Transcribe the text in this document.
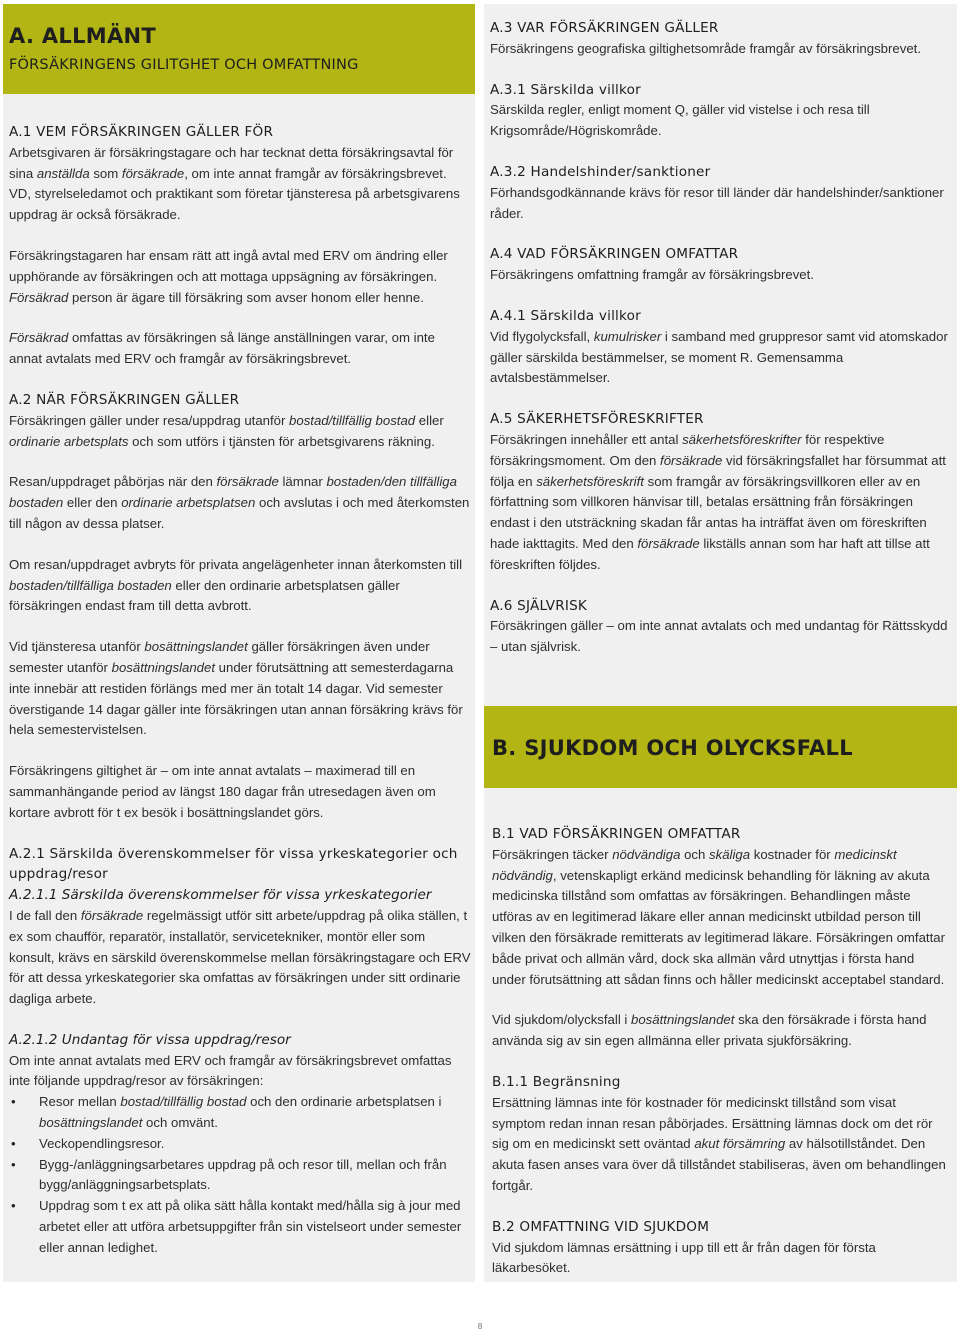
A. ALLMÄNT
FÖRSÄKRINGENS GILITGHET OCH OMFATTNING
A.1 VEM FÖRSÄKRINGEN GÄLLER FÖR

Arbetsgivaren är försäkringstagare och har tecknat detta försäkringsavtal för sina anställda som försäkrade, om inte annat framgår av försäkringsbrevet. VD, styrelseledamot och praktikant som företar tjänsteresa på arbetsgivarens uppdrag är också försäkrade.

Försäkringstagaren har ensam rätt att ingå avtal med ERV om ändring eller upphörande av försäkringen och att mottaga uppsägning av försäkringen. Försäkrad person är ägare till försäkring som avser honom eller henne.

Försäkrad omfattas av försäkringen så länge anställningen varar, om inte annat avtalats med ERV och framgår av försäkringsbrevet.

A.2 NÄR FÖRSÄKRINGEN GÄLLER

Försäkringen gäller under resa/uppdrag utanför bostad/tillfällig bostad eller ordinarie arbetsplats och som utförs i tjänsten för arbetsgivarens räkning.

Resan/uppdraget påbörjas när den försäkrade lämnar bostaden/den tillfälliga bostaden eller den ordinarie arbetsplatsen och avslutas i och med återkomsten till någon av dessa platser.

Om resan/uppdraget avbryts för privata angelägenheter innan återkomsten till bostaden/tillfälliga bostaden eller den ordinarie arbetsplatsen gäller försäkringen endast fram till detta avbrott.

Vid tjänsteresa utanför bosättningslandet gäller försäkringen även under semester utanför bosättningslandet under förutsättning att semesterdagarna inte innebär att restiden förlängs med mer än totalt 14 dagar. Vid semester överstigande 14 dagar gäller inte försäkringen utan annan försäkring krävs för hela semestervistelsen.

Försäkringens giltighet är – om inte annat avtalats – maximerad till en sammanhängande period av längst 180 dagar från utresedagen även om kortare avbrott för t ex besök i bosättningslandet görs.

A.2.1 Särskilda överenskommelser för vissa yrkeskategorier och uppdrag/resor
A.2.1.1 Särskilda överenskommelser för vissa yrkeskategorier

I de fall den försäkrade regelmässigt utför sitt arbete/uppdrag på olika ställen, t ex som chaufför, reparatör, installatör, servicetekniker, montör eller som konsult, krävs en särskild överenskommelse mellan försäkringstagare och ERV för att dessa yrkeskategorier ska omfattas av försäkringen under sitt ordinarie dagliga arbete.

A.2.1.2 Undantag för vissa uppdrag/resor

Om inte annat avtalats med ERV och framgår av försäkringsbrevet omfattas inte följande uppdrag/resor av försäkringen:

• Resor mellan bostad/tillfällig bostad och den ordinarie arbetsplatsen i bosättningslandet och omvänt.
• Veckopendlingsresor.
• Bygg-/anläggningsarbetares uppdrag på och resor till, mellan och från bygg/anläggningsarbetsplats.
• Uppdrag som t ex att på olika sätt hålla kontakt med/hålla sig à jour med arbetet eller att utföra arbetsuppgifter från sin vistelseort under semester eller annan ledighet.
A.3 VAR FÖRSÄKRINGEN GÄLLER

Försäkringens geografiska giltighetsområde framgår av försäkringsbrevet.

A.3.1 Särskilda villkor

Särskilda regler, enligt moment Q, gäller vid vistelse i och resa till Krigsområde/Högriskområde.

A.3.2 Handelshinder/sanktioner

Förhandsgodkännande krävs för resor till länder där handelshinder/sanktioner råder.

A.4 VAD FÖRSÄKRINGEN OMFATTAR

Försäkringens omfattning framgår av försäkringsbrevet.

A.4.1 Särskilda villkor

Vid flygolycksfall, kumulrisker i samband med gruppresor samt vid atomskador gäller särskilda bestämmelser, se moment R. Gemensamma avtalsbestämmelser.

A.5 SÄKERHETSFÖRESKRIFTER

Försäkringen innehåller ett antal säkerhetsföreskrifter för respektive försäkringsmoment. Om den försäkrade vid försäkringsfallet har försummat att följa en säkerhetsföreskrift som framgår av försäkringsvillkoren eller av en författning som villkoren hänvisar till, betalas ersättning från försäkringen endast i den utsträckning skadan får antas ha inträffat även om föreskriften hade iakttagits. Med den försäkrade likställs annan som har haft att tillse att föreskriften följdes.

A.6 SJÄLVRISK

Försäkringen gäller – om inte annat avtalats och med undantag för Rättsskydd – utan självrisk.

B. SJUKDOM OCH OLYCKSFALL
B.1 VAD FÖRSÄKRINGEN OMFATTAR

Försäkringen täcker nödvändiga och skäliga kostnader för medicinskt nödvändig, vetenskapligt erkänd medicinsk behandling för läkning av akuta medicinska tillstånd som omfattas av försäkringen. Behandlingen måste utföras av en legitimerad läkare eller annan medicinskt utbildad person till vilken den försäkrade remitterats av legitimerad läkare. Försäkringen omfattar både privat och allmän vård, dock ska allmän vård utnyttjas i första hand under förutsättning att sådan finns och håller medicinskt acceptabel standard.

Vid sjukdom/olycksfall i bosättningslandet ska den försäkrade i första hand använda sig av sin egen allmänna eller privata sjukförsäkring.

B.1.1 Begränsning

Ersättning lämnas inte för kostnader för medicinskt tillstånd som visat symptom redan innan resan påbörjades. Ersättning lämnas dock om det rör sig om en medicinskt sett oväntad akut försämring av hälsotillståndet. Den akuta fasen anses vara över då tillståndet stabiliseras, även om behandlingen fortgår.

B.2 OMFATTNING VID SJUKDOM

Vid sjukdom lämnas ersättning i upp till ett år från dagen för första läkarbesöket.

8
